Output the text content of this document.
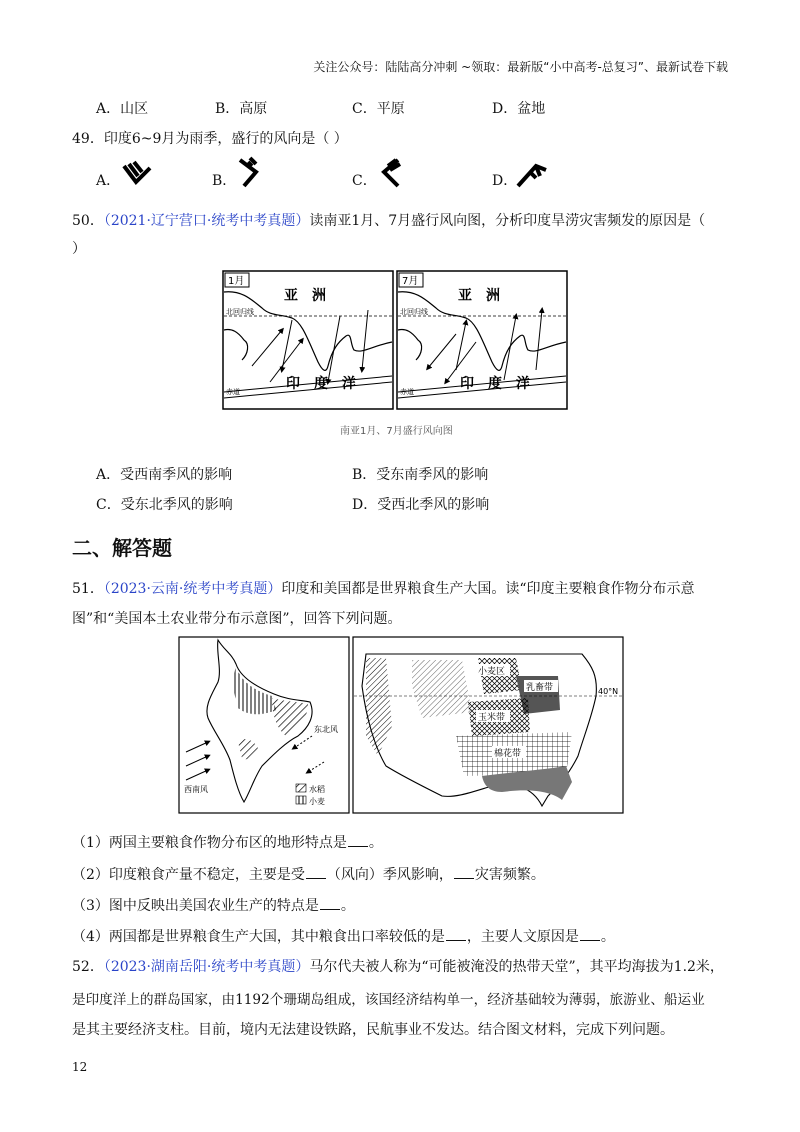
关注公众号：陆陆高分冲刺 ~领取：最新版“小中高考-总复习”、最新试卷下载
A．山区	B．高原	C．平原	D．盆地
49．印度6~9月为雨季，盛行的风向是（ ）
A．	B．	C．	D．
50．（2021·辽宁营口·统考中考真题）读南亚1月、7月盛行风向图，分析印度旱涝灾害频发的原因是（
）
1月
亚　洲
北回归线
赤道	印　度　洋
7月
亚　洲
北回归线
赤道	印　度　洋
南亚1月、7月盛行风向图
A．受西南季风的影响	B．受东南季风的影响
C．受东北季风的影响	D．受西北季风的影响
二、解答题
51．（2023·云南·统考中考真题）印度和美国都是世界粮食生产大国。读“印度主要粮食作物分布示意
图”和“美国本土农业带分布示意图”，回答下列问题。
西南风
东北风
水稻
小麦
小麦区
乳畜带
玉米带
棉花带
40°N
（1）两国主要粮食作物分布区的地形特点是 。
（2）印度粮食产量不稳定，主要是受 （风向）季风影响， 灾害频繁。
（3）图中反映出美国农业生产的特点是 。
（4）两国都是世界粮食生产大国，其中粮食出口率较低的是 ，主要人文原因是 。
52．（2023·湖南岳阳·统考中考真题）马尔代夫被人称为“可能被淹没的热带天堂”，其平均海拔为1.2米，
是印度洋上的群岛国家，由1192个珊瑚岛组成，该国经济结构单一，经济基础较为薄弱，旅游业、船运业
是其主要经济支柱。目前，境内无法建设铁路，民航事业不发达。结合图文材料，完成下列问题。
12
